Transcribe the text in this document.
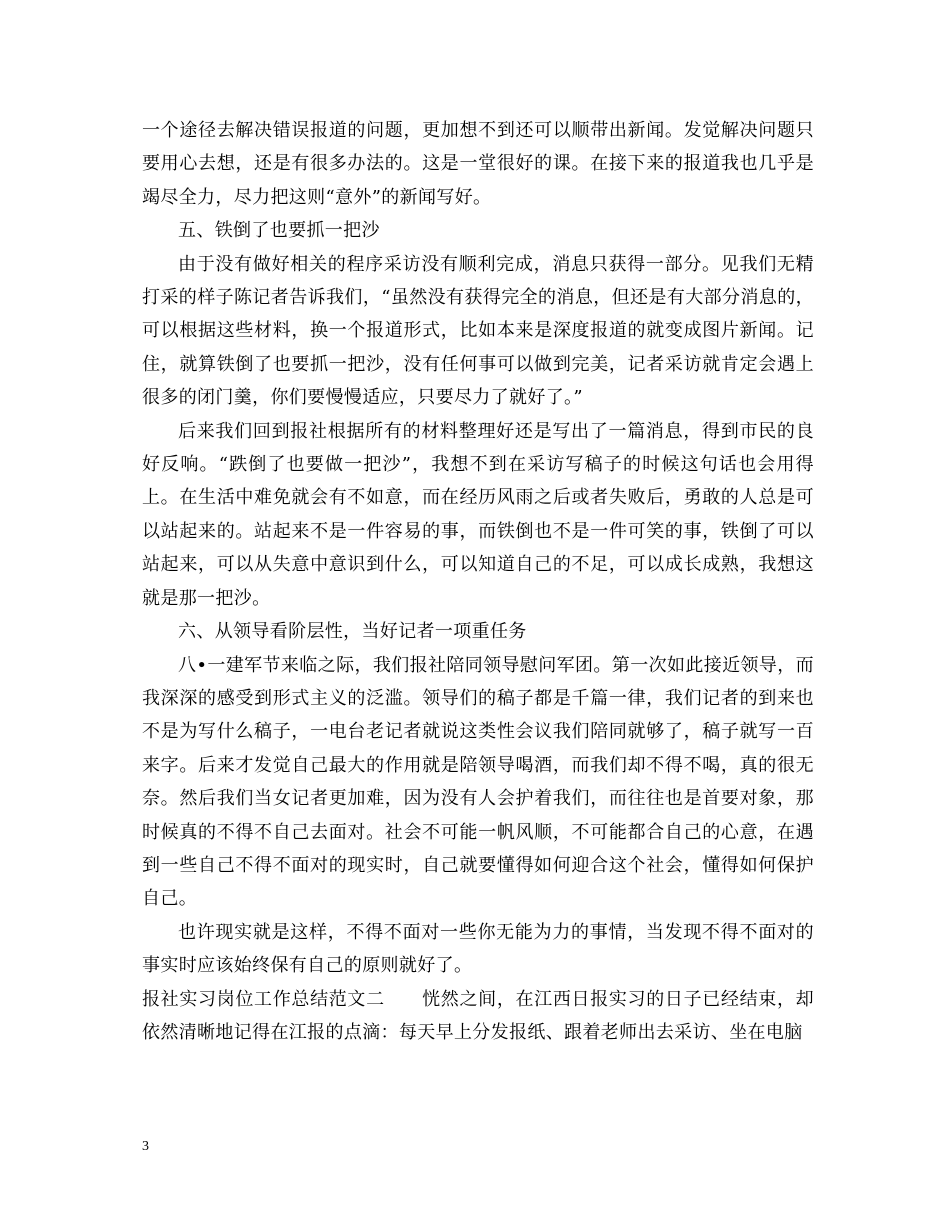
一个途径去解决错误报道的问题，更加想不到还可以顺带出新闻。发觉解决问题只要用心去想，还是有很多办法的。这是一堂很好的课。在接下来的报道我也几乎是竭尽全力，尽力把这则“意外”的新闻写好。

五、铁倒了也要抓一把沙

由于没有做好相关的程序采访没有顺利完成，消息只获得一部分。见我们无精打采的样子陈记者告诉我们，“虽然没有获得完全的消息，但还是有大部分消息的，可以根据这些材料，换一个报道形式，比如本来是深度报道的就变成图片新闻。记住，就算铁倒了也要抓一把沙，没有任何事可以做到完美，记者采访就肯定会遇上很多的闭门羹，你们要慢慢适应，只要尽力了就好了。”

后来我们回到报社根据所有的材料整理好还是写出了一篇消息，得到市民的良好反响。“跌倒了也要做一把沙”，我想不到在采访写稿子的时候这句话也会用得上。在生活中难免就会有不如意，而在经历风雨之后或者失败后，勇敢的人总是可以站起来的。站起来不是一件容易的事，而铁倒也不是一件可笑的事，铁倒了可以站起来，可以从失意中意识到什么，可以知道自己的不足，可以成长成熟，我想这就是那一把沙。

六、从领导看阶层性，当好记者一项重任务

八•一建军节来临之际，我们报社陪同领导慰问军团。第一次如此接近领导，而我深深的感受到形式主义的泛滥。领导们的稿子都是千篇一律，我们记者的到来也不是为写什么稿子，一电台老记者就说这类性会议我们陪同就够了，稿子就写一百来字。后来才发觉自己最大的作用就是陪领导喝酒，而我们却不得不喝，真的很无奈。然后我们当女记者更加难，因为没有人会护着我们，而往往也是首要对象，那时候真的不得不自己去面对。社会不可能一帆风顺，不可能都合自己的心意，在遇到一些自己不得不面对的现实时，自己就要懂得如何迎合这个社会，懂得如何保护自己。

也许现实就是这样，不得不面对一些你无能为力的事情，当发现不得不面对的事实时应该始终保有自己的原则就好了。

报社实习岗位工作总结范文二　　恍然之间，在江西日报实习的日子已经结束，却依然清晰地记得在江报的点滴：每天早上分发报纸、跟着老师出去采访、坐在电脑

3
